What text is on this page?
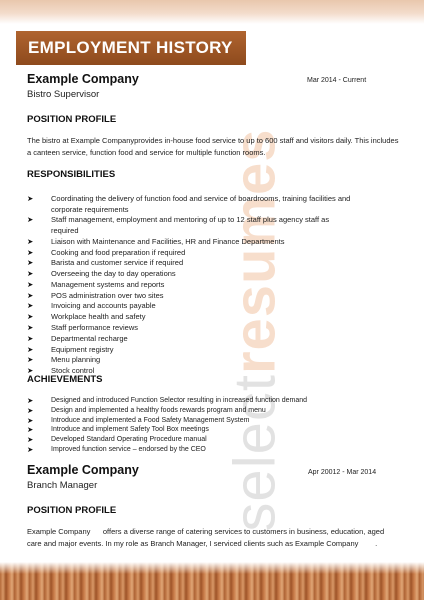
EMPLOYMENT HISTORY
selectresumes
Example Company	Mar 2014 - Current
Bistro Supervisor
POSITION PROFILE
The bistro at Example Companyprovides in-house food service to up to 600 staff and visitors daily. This includes a canteen service, function food and service for multiple function rooms.
RESPONSIBILITIES
➤ Coordinating the delivery of function food and service of boardrooms, training facilities and corporate requirements
➤ Staff management, employment and mentoring of up to 12 staff plus agency staff as required
➤ Liaison with Maintenance and Facilities, HR and Finance Departments
➤ Cooking and food preparation if required
➤ Barista and customer service if required
➤ Overseeing the day to day operations
➤ Management systems and reports
➤ POS administration over two sites
➤ Invoicing and accounts payable
➤ Workplace health and safety
➤ Staff performance reviews
➤ Departmental recharge
➤ Equipment registry
➤ Menu planning
➤ Stock control
ACHIEVEMENTS
➤ Designed and introduced Function Selector resulting in increased function demand
➤ Design and implemented a healthy foods rewards program and menu
➤ Introduce and implemented a Food Safety Management System
➤ Introduce and implement Safety Tool Box meetings
➤ Developed Standard Operating Procedure manual
➤ Improved function service – endorsed by the CEO
Example Company	Apr 20012 - Mar 2014
Branch Manager
POSITION PROFILE
Example Company      offers a diverse range of catering services to customers in business, education, aged care and major events. In my role as Branch Manager, I serviced clients such as Example Company        .
